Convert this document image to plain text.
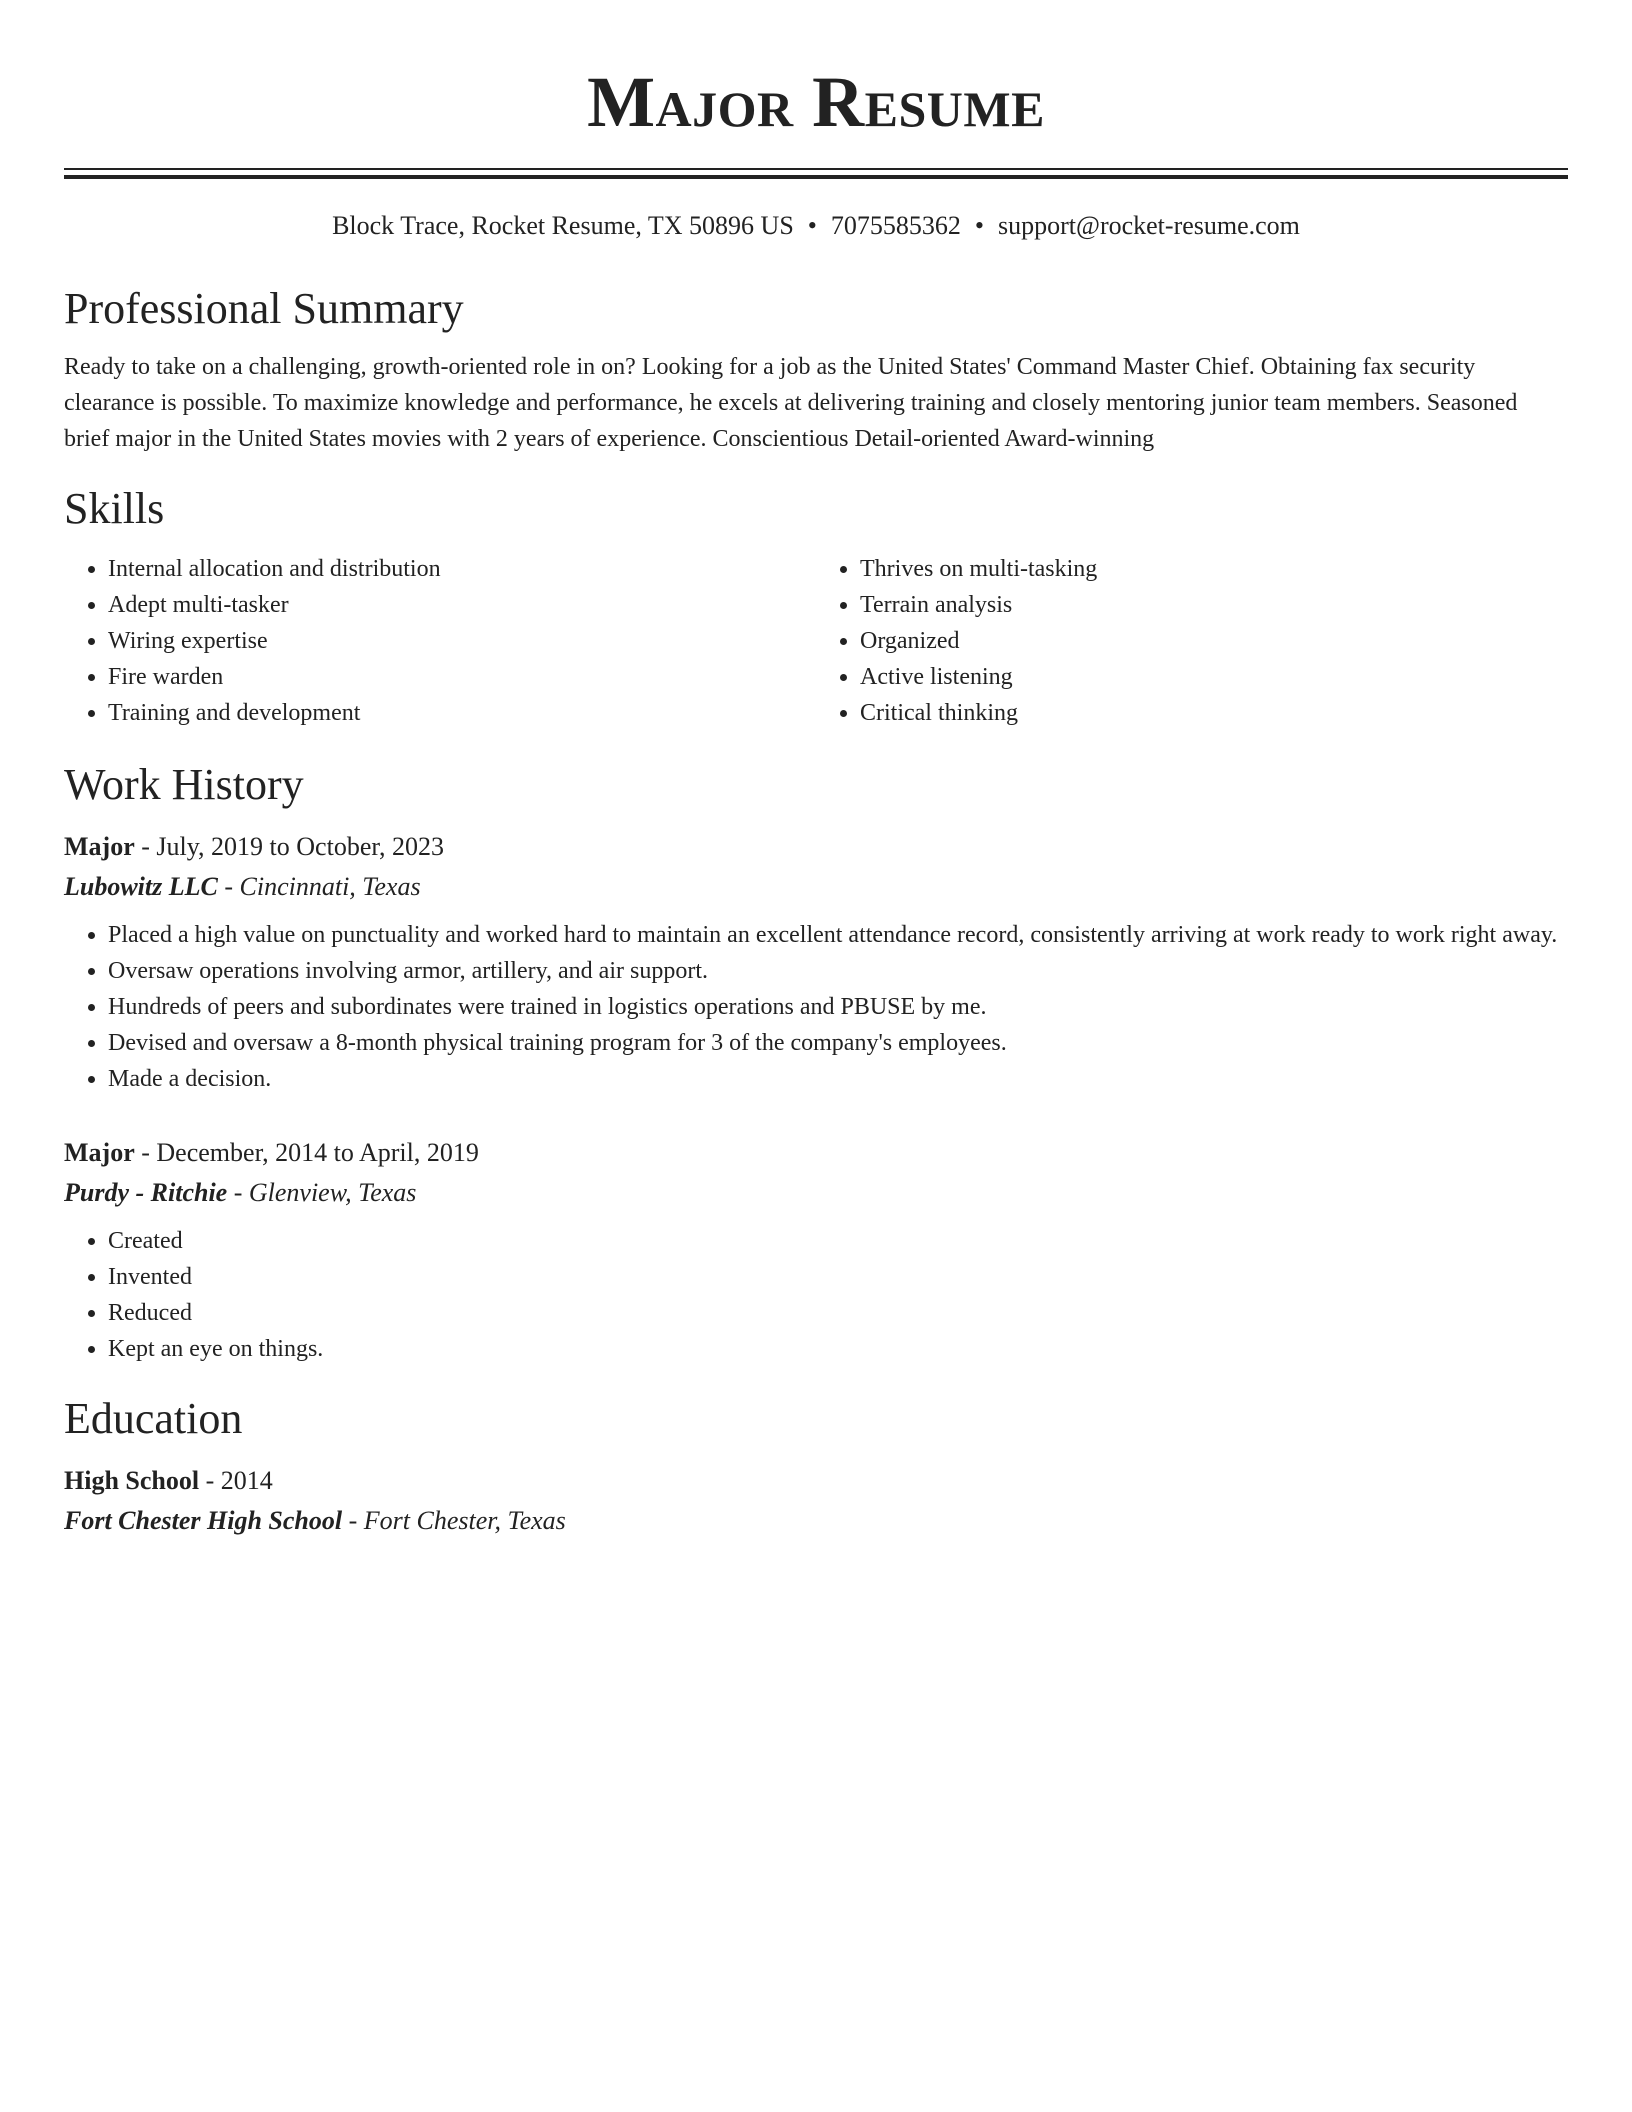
Major Resume
Block Trace, Rocket Resume, TX 50896 US • 7075585362 • support@rocket-resume.com
Professional Summary
Ready to take on a challenging, growth-oriented role in on? Looking for a job as the United States' Command Master Chief. Obtaining fax security clearance is possible. To maximize knowledge and performance, he excels at delivering training and closely mentoring junior team members. Seasoned brief major in the United States movies with 2 years of experience. Conscientious Detail-oriented Award-winning
Skills
• Internal allocation and distribution
• Adept multi-tasker
• Wiring expertise
• Fire warden
• Training and development
• Thrives on multi-tasking
• Terrain analysis
• Organized
• Active listening
• Critical thinking
Work History
Major - July, 2019 to October, 2023
Lubowitz LLC - Cincinnati, Texas
• Placed a high value on punctuality and worked hard to maintain an excellent attendance record, consistently arriving at work ready to work right away.
• Oversaw operations involving armor, artillery, and air support.
• Hundreds of peers and subordinates were trained in logistics operations and PBUSE by me.
• Devised and oversaw a 8-month physical training program for 3 of the company's employees.
• Made a decision.
Major - December, 2014 to April, 2019
Purdy - Ritchie - Glenview, Texas
• Created
• Invented
• Reduced
• Kept an eye on things.
Education
High School - 2014
Fort Chester High School - Fort Chester, Texas
